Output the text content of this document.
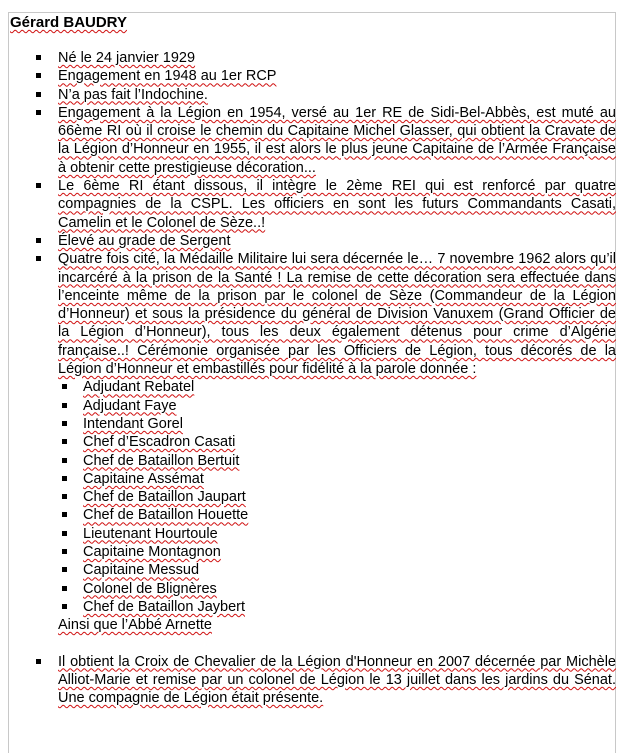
Gérard BAUDRY
Né le 24 janvier 1929
Engagement en 1948 au 1er RCP
N’a pas fait l’Indochine.
Engagement à la Légion en 1954, versé au 1er RE de Sidi-Bel-Abbès, est muté au 66ème RI où il croise le chemin du Capitaine Michel Glasser, qui obtient la Cravate de la Légion d’Honneur en 1955, il est alors le plus jeune Capitaine de l’Armée Française à obtenir cette prestigieuse décoration...
Le 6ème RI étant dissous, il intègre le 2ème REI qui est renforcé par quatre compagnies de la CSPL. Les officiers en sont les futurs Commandants Casati, Camelin et le Colonel de Sèze..!
Élevé au grade de Sergent
Quatre fois cité, la Médaille Militaire lui sera décernée le… 7 novembre 1962 alors qu’il incarcéré à la prison de la Santé ! La remise de cette décoration sera effectuée dans l’enceinte même de la prison par le colonel de Sèze (Commandeur de la Légion d’Honneur) et sous la présidence du général de Division Vanuxem (Grand Officier de la Légion d’Honneur), tous les deux également détenus pour crime d’Algérie française..! Cérémonie organisée par les Officiers de Légion, tous décorés de la Légion d’Honneur et embastillés pour fidélité à la parole donnée :
Adjudant Rebatel
Adjudant Faye
Intendant Gorel
Chef d’Escadron Casati
Chef de Bataillon Bertuit
Capitaine Assémat
Chef de Bataillon Jaupart
Chef de Bataillon Houette
Lieutenant Hourtoule
Capitaine Montagnon
Capitaine Messud
Colonel de Blignères
Chef de Bataillon Jaybert
Ainsi que l’Abbé Arnette
Il obtient la Croix de Chevalier de la Légion d'Honneur en 2007 décernée par Michèle Alliot-Marie et remise par un colonel de Légion le 13 juillet dans les jardins du Sénat. Une compagnie de Légion était présente.
